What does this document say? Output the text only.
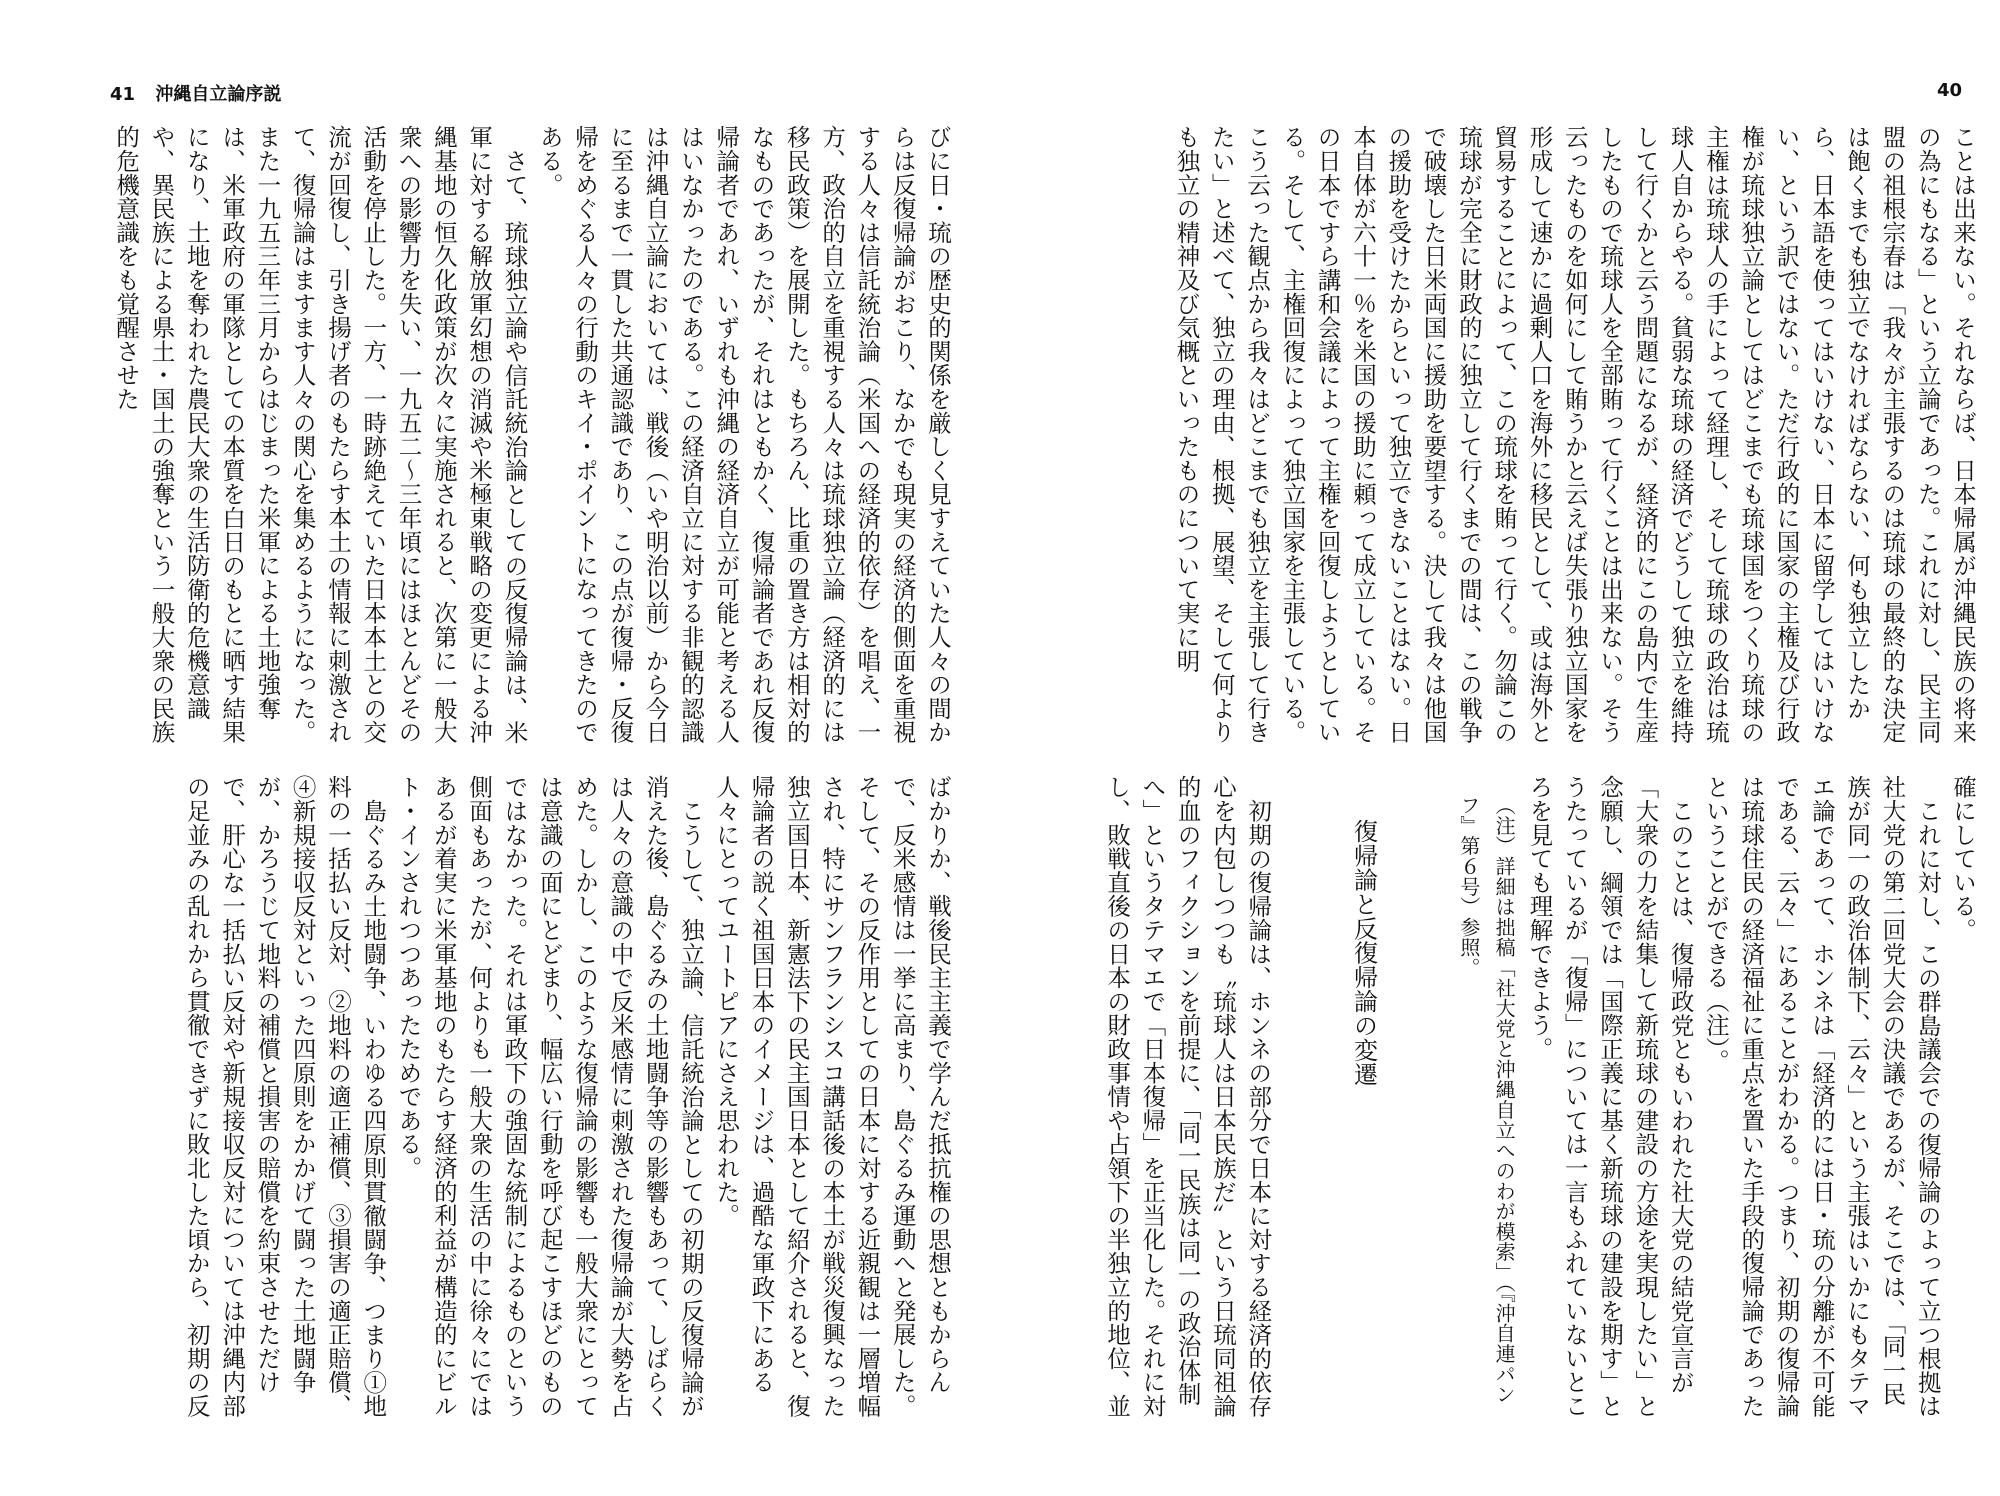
41 沖縄自立論序説

びに日・琉の歴史的関係を厳しく見すえていた人々の間からは反復帰論がおこり、なかでも現実の経済的側面を重視する人々は信託統治論（米国への経済的依存）を唱え、一方、政治的自立を重視する人々は琉球独立論（経済的には移民政策）を展開した。もちろん、比重の置き方は相対的なものであったが、それはともかく、復帰論者であれ反復帰論者であれ、いずれも沖縄の経済自立が可能と考える人はいなかったのである。この経済自立に対する非観的認識は沖縄自立論においては、戦後（いや明治以前）から今日に至るまで一貫した共通認識であり、この点が復帰・反復帰をめぐる人々の行動のキイ・ポイントになってきたのである。

さて、琉球独立論や信託統治論としての反復帰論は、米軍に対する解放軍幻想の消滅や米極東戦略の変更による沖縄基地の恒久化政策が次々に実施されると、次第に一般大衆への影響力を失い、一九五二〜三年頃にはほとんどその活動を停止した。一方、一時跡絶えていた日本本土との交流が回復し、引き揚げ者のもたらす本土の情報に刺激されて、復帰論はますます人々の関心を集めるようになった。また一九五三年三月からはじまった米軍による土地強奪は、米軍政府の軍隊としての本質を白日のもとに晒す結果になり、土地を奪われた農民大衆の生活防衛的危機意識や、異民族による県土・国土の強奪という一般大衆の民族的危機意識をも覚醒させた

ばかりか、戦後民主主義で学んだ抵抗権の思想ともからんで、反米感情は一挙に高まり、島ぐるみ運動へと発展した。そして、その反作用としての日本に対する近親観は一層増幅され、特にサンフランシスコ講話後の本土が戦災復興なった独立国日本、新憲法下の民主国日本として紹介されると、復帰論者の説く祖国日本のイメージは、過酷な軍政下にある人々にとってユートピアにさえ思われた。

こうして、独立論、信託統治論としての初期の反復帰論が消えた後、島ぐるみの土地闘争等の影響もあって、しばらくは人々の意識の中で反米感情に刺激された復帰論が大勢を占めた。しかし、このような復帰論の影響も一般大衆にとっては意識の面にとどまり、幅広い行動を呼び起こすほどのものではなかった。それは軍政下の強固な統制によるものという側面もあったが、何よりも一般大衆の生活の中に徐々にではあるが着実に米軍基地のもたらす経済的利益が構造的にビルト・インされつつあったためである。

島ぐるみ土地闘争、いわゆる四原則貫徹闘争、つまり①地料の一括払い反対、②地料の適正補償、③損害の適正賠償、④新規接収反対といった四原則をかかげて闘った土地闘争が、かろうじて地料の補償と損害の賠償を約束させただけで、肝心な一括払い反対や新規接収反対については沖縄内部の足並みの乱れから貫徹できずに敗北した頃から、初期の反

40

ことは出来ない。それならば、日本帰属が沖縄民族の将来の為にもなる」という立論であった。これに対し、民主同盟の祖根宗春は「我々が主張するのは琉球の最終的な決定は飽くまでも独立でなければならない、何も独立したから、日本語を使ってはいけない、日本に留学してはいけない、という訳ではない。ただ行政的に国家の主権及び行政権が琉球独立論としてはどこまでも琉球国をつくり琉球の主権は琉球人の手によって経理し、そして琉球の政治は琉球人自からやる。貧弱な琉球の経済でどうして独立を維持して行くかと云う問題になるが、経済的にこの島内で生産したもので琉球人を全部賄って行くことは出来ない。そう云ったものを如何にして賄うかと云えば失張り独立国家を形成して速かに過剰人口を海外に移民として、或は海外と貿易することによって、この琉球を賄って行く。勿論この琉球が完全に財政的に独立して行くまでの間は、この戦争で破壊した日米両国に援助を要望する。決して我々は他国の援助を受けたからといって独立できないことはない。日本自体が六十一％を米国の援助に頼って成立している。その日本ですら講和会議によって主権を回復しようとしている。そして、主権回復によって独立国家を主張している。こう云った観点から我々はどこまでも独立を主張して行きたい」と述べて、独立の理由、根拠、展望、そして何よりも独立の精神及び気概といったものについて実に明

確にしている。

これに対し、この群島議会での復帰論のよって立つ根拠は社大党の第二回党大会の決議であるが、そこでは、「同一民族が同一の政治体制下、云々」という主張はいかにもタテマエ論であって、ホンネは「経済的には日・琉の分離が不可能である、云々」にあることがわかる。つまり、初期の復帰論は琉球住民の経済福祉に重点を置いた手段的復帰論であったということができる（注）。

このことは、復帰政党ともいわれた社大党の結党宣言が「大衆の力を結集して新琉球の建設の方途を実現したい」と念願し、綱領では「国際正義に基く新琉球の建設を期す」とうたっているが「復帰」については一言もふれていないところを見ても理解できよう。

（注）詳細は拙稿「社大党と沖縄自立へのわが模索」（『沖自連パンフ』第６号）参照。

復帰論と反復帰論の変遷

初期の復帰論は、ホンネの部分で日本に対する経済的依存心を内包しつつも〝琉球人は日本民族だ〟という日琉同祖論的血のフィクションを前提に、「同一民族は同一の政治体制へ」というタテマエで「日本復帰」を正当化した。それに対し、敗戦直後の日本の財政事情や占領下の半独立的地位、並
